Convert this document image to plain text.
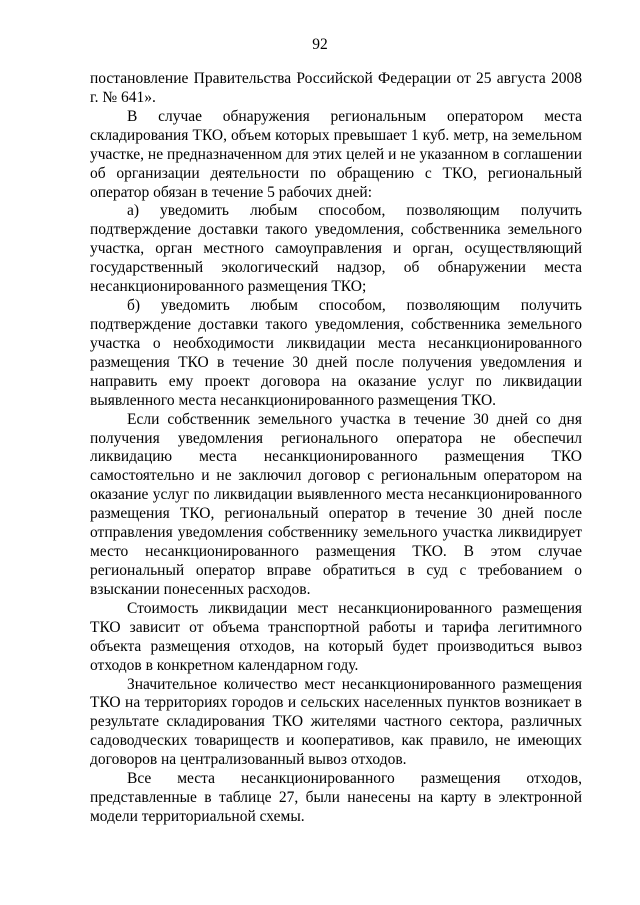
92

постановление Правительства Российской Федерации от 25 августа 2008 г. № 641».

В случае обнаружения региональным оператором места складирования ТКО, объем которых превышает 1 куб. метр, на земельном участке, не предназначенном для этих целей и не указанном в соглашении об организации деятельности по обращению с ТКО, региональный оператор обязан в течение 5 рабочих дней:

а) уведомить любым способом, позволяющим получить подтверждение доставки такого уведомления, собственника земельного участка, орган местного самоуправления и орган, осуществляющий государственный экологический надзор, об обнаружении места несанкционированного размещения ТКО;

б) уведомить любым способом, позволяющим получить подтверждение доставки такого уведомления, собственника земельного участка о необходимости ликвидации места несанкционированного размещения ТКО в течение 30 дней после получения уведомления и направить ему проект договора на оказание услуг по ликвидации выявленного места несанкционированного размещения ТКО.

Если собственник земельного участка в течение 30 дней со дня получения уведомления регионального оператора не обеспечил ликвидацию места несанкционированного размещения ТКО самостоятельно и не заключил договор с региональным оператором на оказание услуг по ликвидации выявленного места несанкционированного размещения ТКО, региональный оператор в течение 30 дней после отправления уведомления собственнику земельного участка ликвидирует место несанкционированного размещения ТКО. В этом случае региональный оператор вправе обратиться в суд с требованием о взыскании понесенных расходов.

Стоимость ликвидации мест несанкционированного размещения ТКО зависит от объема транспортной работы и тарифа легитимного объекта размещения отходов, на который будет производиться вывоз отходов в конкретном календарном году.

Значительное количество мест несанкционированного размещения ТКО на территориях городов и сельских населенных пунктов возникает в результате складирования ТКО жителями частного сектора, различных садоводческих товариществ и кооперативов, как правило, не имеющих договоров на централизованный вывоз отходов.

Все места несанкционированного размещения отходов, представленные в таблице 27, были нанесены на карту в электронной модели территориальной схемы.
